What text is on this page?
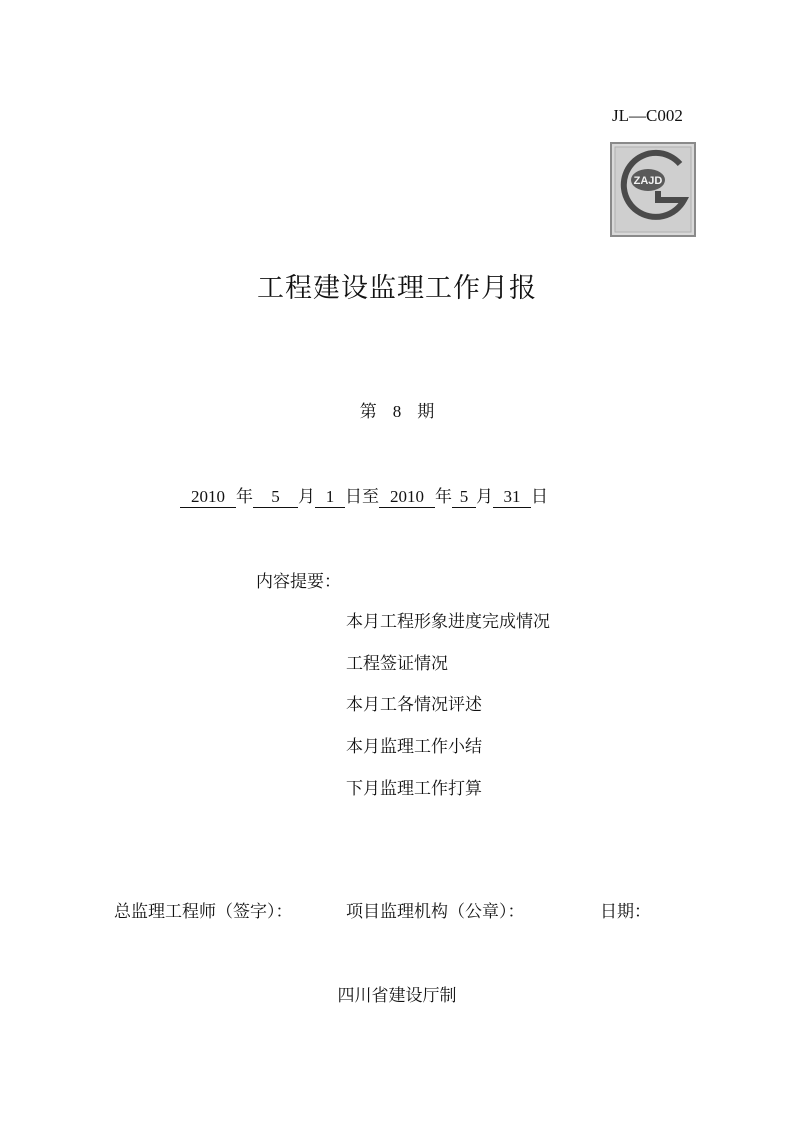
JL—C002
ZAJD
工程建设监理工作月报
第 8 期
2010 年 5 月 1 日至 2010 年 5 月 31 日
内容提要：
本月工程形象进度完成情况
工程签证情况
本月工各情况评述
本月监理工作小结
下月监理工作打算
总监理工程师（签字）：	项目监理机构（公章）：	日期：
四川省建设厅制
